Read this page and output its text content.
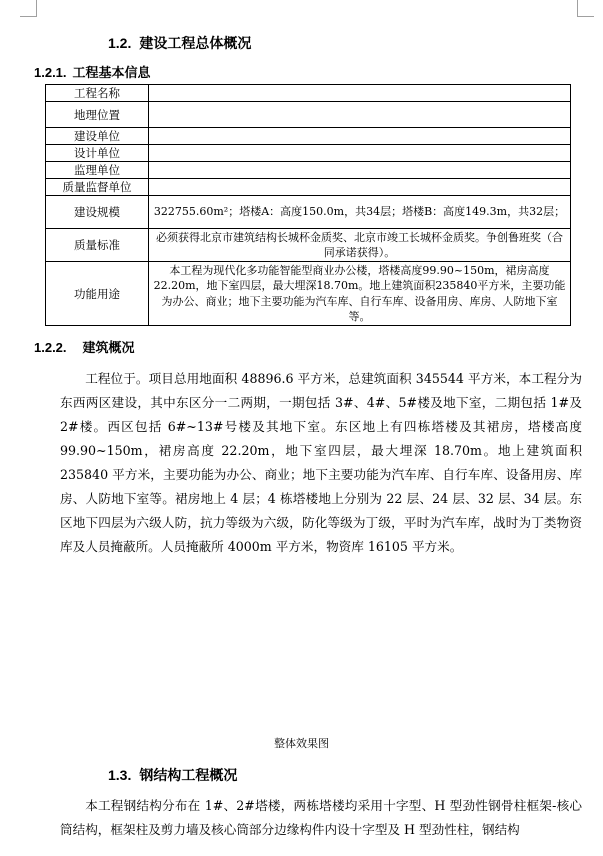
1.2. 建设工程总体概况
1.2.1. 工程基本信息
工程名称	
地理位置	
建设单位	
设计单位	
监理单位	
质量监督单位	
建设规模	322755.60m²；塔楼A：高度150.0m，共34层；塔楼B：高度149.3m，共32层；
质量标准	必须获得北京市建筑结构长城杯金质奖、北京市竣工长城杯金质奖。争创鲁班奖（合同承诺获得）。
功能用途	本工程为现代化多功能智能型商业办公楼，塔楼高度99.90~150m，裙房高度22.20m，地下室四层，最大埋深18.70m。地上建筑面积235840平方米，主要功能为办公、商业；地下主要功能为汽车库、自行车库、设备用房、库房、人防地下室等。
1.2.2. 建筑概况
工程位于。项目总用地面积 48896.6 平方米，总建筑面积 345544 平方米，本工程分为东西两区建设，其中东区分一二两期，一期包括 3#、4#、5#楼及地下室，二期包括 1#及 2#楼。西区包括 6#~13#号楼及其地下室。东区地上有四栋塔楼及其裙房，塔楼高度 99.90~150m，裙房高度 22.20m，地下室四层，最大埋深 18.70m。地上建筑面积 235840 平方米，主要功能为办公、商业；地下主要功能为汽车库、自行车库、设备用房、库房、人防地下室等。裙房地上 4 层；4 栋塔楼地上分别为 22 层、24 层、32 层、34 层。东区地下四层为六级人防，抗力等级为六级，防化等级为丁级，平时为汽车库，战时为丁类物资库及人员掩蔽所。人员掩蔽所 4000m 平方米，物资库 16105 平方米。
整体效果图
1.3. 钢结构工程概况
本工程钢结构分布在 1#、2#塔楼，两栋塔楼均采用十字型、H 型劲性钢骨柱框架-核心筒结构，框架柱及剪力墙及核心筒部分边缘构件内设十字型及 H 型劲性柱，钢结构
